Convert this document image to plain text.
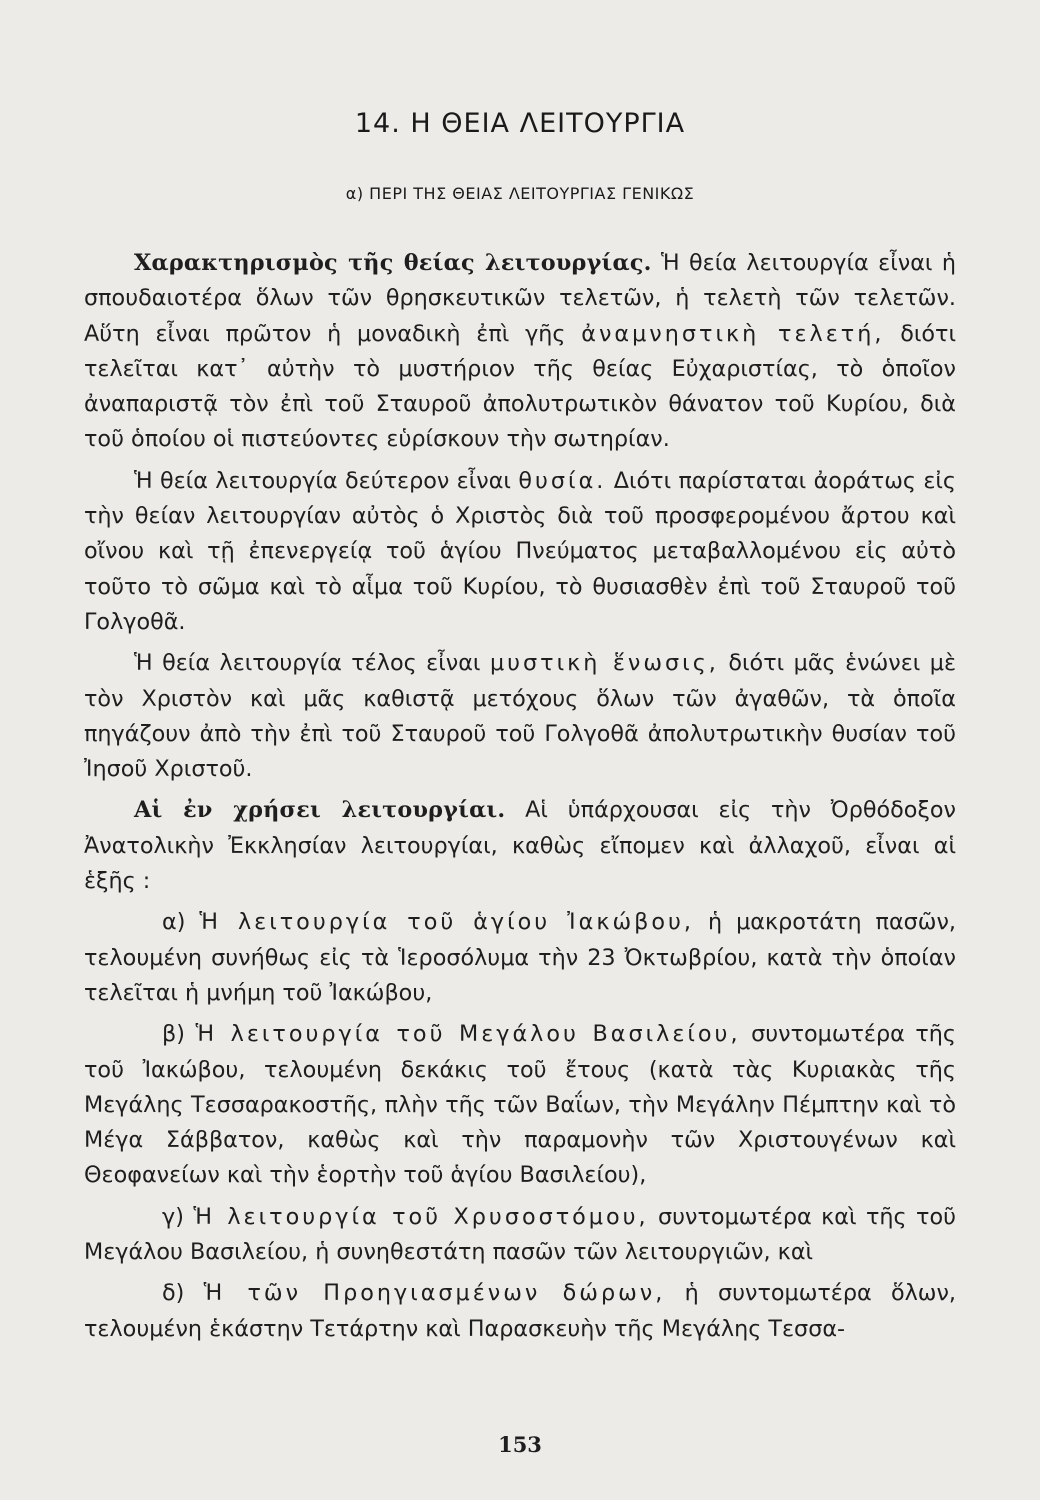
14. Η ΘΕΙΑ ΛΕΙΤΟΥΡΓΙΑ
α) ΠΕΡΙ ΤΗΣ ΘΕΙΑΣ ΛΕΙΤΟΥΡΓΙΑΣ ΓΕΝΙΚΩΣ

Χαρακτηρισμὸς τῆς θείας λειτουργίας. Ἡ θεία λειτουργία εἶναι ἡ σπουδαιοτέρα ὅλων τῶν θρησκευτικῶν τελετῶν, ἡ τελετὴ τῶν τελετῶν. Αὕτη εἶναι πρῶτον ἡ μοναδικὴ ἐπὶ γῆς ἀναμνηστικὴ τελετή, διότι τελεῖται κατ᾽ αὐτὴν τὸ μυστήριον τῆς θείας Εὐχαριστίας, τὸ ὁποῖον ἀναπαριστᾷ τὸν ἐπὶ τοῦ Σταυροῦ ἀπολυτρωτικὸν θάνατον τοῦ Κυρίου, διὰ τοῦ ὁποίου οἱ πιστεύοντες εὑρίσκουν τὴν σωτηρίαν.

Ἡ θεία λειτουργία δεύτερον εἶναι θυσία. Διότι παρίσταται ἀοράτως εἰς τὴν θείαν λειτουργίαν αὐτὸς ὁ Χριστὸς διὰ τοῦ προσφερομένου ἄρτου καὶ οἴνου καὶ τῇ ἐπενεργείᾳ τοῦ ἁγίου Πνεύματος μεταβαλλομένου εἰς αὐτὸ τοῦτο τὸ σῶμα καὶ τὸ αἷμα τοῦ Κυρίου, τὸ θυσιασθὲν ἐπὶ τοῦ Σταυροῦ τοῦ Γολγοθᾶ.

Ἡ θεία λειτουργία τέλος εἶναι μυστικὴ ἕνωσις, διότι μᾶς ἑνώνει μὲ τὸν Χριστὸν καὶ μᾶς καθιστᾷ μετόχους ὅλων τῶν ἀγαθῶν, τὰ ὁποῖα πηγάζουν ἀπὸ τὴν ἐπὶ τοῦ Σταυροῦ τοῦ Γολγοθᾶ ἀπολυτρωτικὴν θυσίαν τοῦ Ἰησοῦ Χριστοῦ.

Αἱ ἐν χρήσει λειτουργίαι. Αἱ ὑπάρχουσαι εἰς τὴν Ὀρθόδοξον Ἀνατολικὴν Ἐκκλησίαν λειτουργίαι, καθὼς εἴπομεν καὶ ἀλλαχοῦ, εἶναι αἱ ἑξῆς :

α) Ἡ λειτουργία τοῦ ἁγίου Ἰακώβου, ἡ μακροτάτη πασῶν, τελουμένη συνήθως εἰς τὰ Ἱεροσόλυμα τὴν 23 Ὀκτωβρίου, κατὰ τὴν ὁποίαν τελεῖται ἡ μνήμη τοῦ Ἰακώβου,

β) Ἡ λειτουργία τοῦ Μεγάλου Βασιλείου, συντομωτέρα τῆς τοῦ Ἰακώβου, τελουμένη δεκάκις τοῦ ἔτους (κατὰ τὰς Κυριακὰς τῆς Μεγάλης Τεσσαρακοστῆς, πλὴν τῆς τῶν Βαΐων, τὴν Μεγάλην Πέμπτην καὶ τὸ Μέγα Σάββατον, καθὼς καὶ τὴν παραμονὴν τῶν Χριστουγένων καὶ Θεοφανείων καὶ τὴν ἑορτὴν τοῦ ἁγίου Βασιλείου),

γ) Ἡ λειτουργία τοῦ Χρυσοστόμου, συντομωτέρα καὶ τῆς τοῦ Μεγάλου Βασιλείου, ἡ συνηθεστάτη πασῶν τῶν λειτουργιῶν, καὶ

δ) Ἡ τῶν Προηγιασμένων δώρων, ἡ συντομωτέρα ὅλων, τελουμένη ἑκάστην Τετάρτην καὶ Παρασκευὴν τῆς Μεγάλης Τεσσα-

153
